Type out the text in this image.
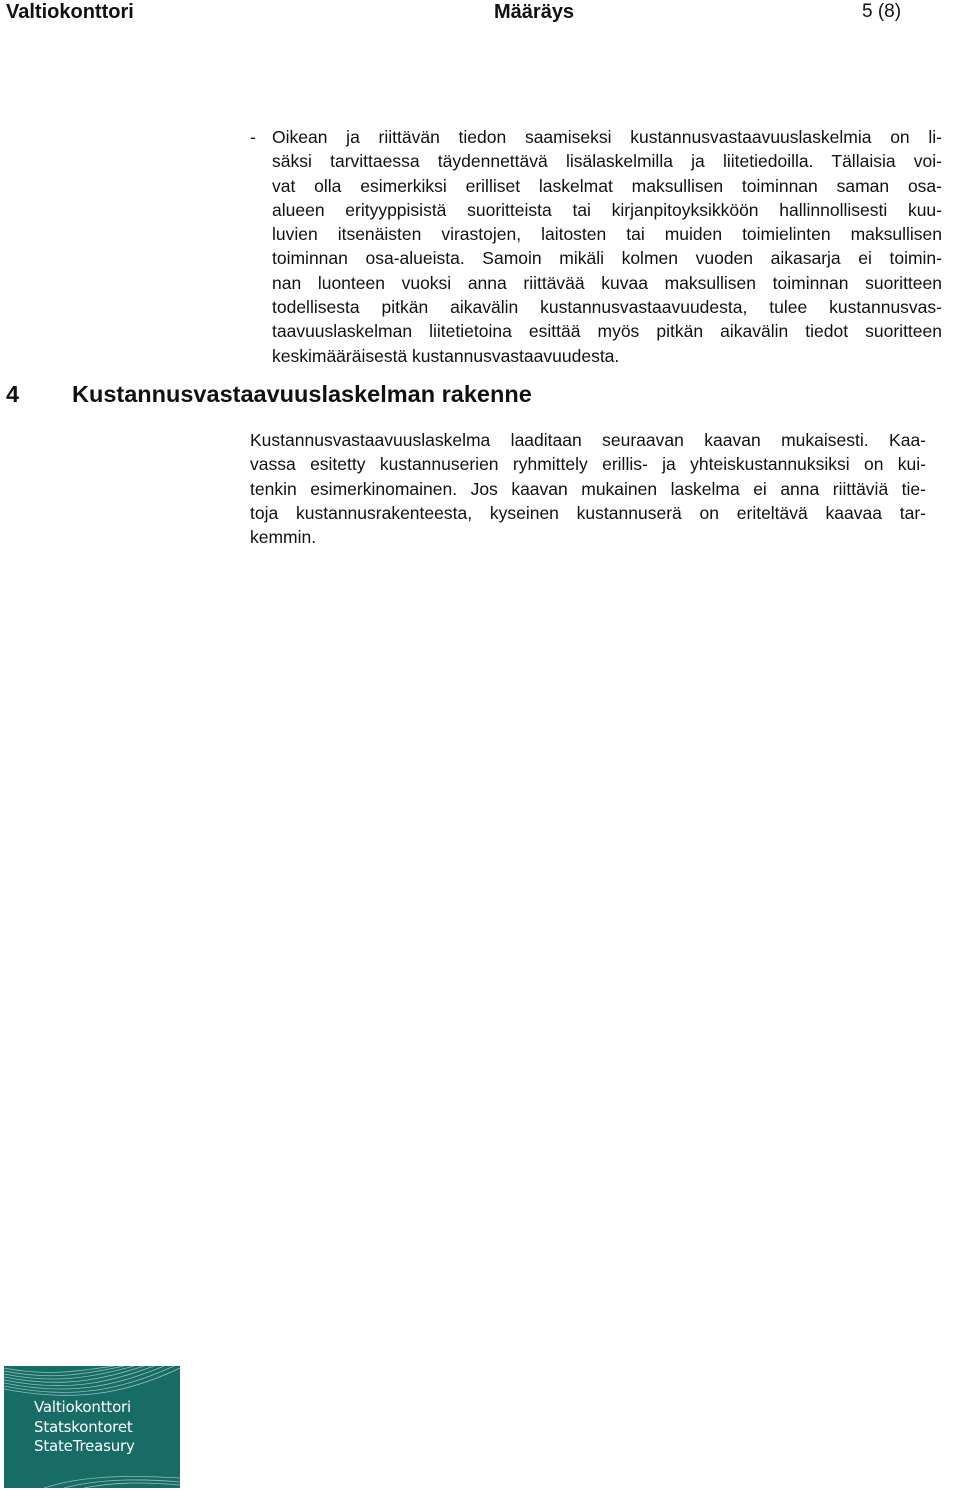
Valtiokonttori	Määräys	5 (8)
- Oikean ja riittävän tiedon saamiseksi kustannusvastaavuuslaskelmia on li-
säksi tarvittaessa täydennettävä lisälaskelmilla ja liitetiedoilla. Tällaisia voi-
vat olla esimerkiksi erilliset laskelmat maksullisen toiminnan saman osa-
alueen erityyppisistä suoritteista tai kirjanpitoyksikköön hallinnollisesti kuu-
luvien itsenäisten virastojen, laitosten tai muiden toimielinten maksullisen
toiminnan osa-alueista. Samoin mikäli kolmen vuoden aikasarja ei toimin-
nan luonteen vuoksi anna riittävää kuvaa maksullisen toiminnan suoritteen
todellisesta pitkän aikavälin kustannusvastaavuudesta, tulee kustannusvas-
taavuuslaskelman liitetietoina esittää myös pitkän aikavälin tiedot suoritteen
keskimääräisestä kustannusvastaavuudesta.
4 Kustannusvastaavuuslaskelman rakenne
Kustannusvastaavuuslaskelma laaditaan seuraavan kaavan mukaisesti. Kaa-
vassa esitetty kustannuserien ryhmittely erillis- ja yhteiskustannuksiksi on kui-
tenkin esimerkinomainen. Jos kaavan mukainen laskelma ei anna riittäviä tie-
toja kustannusrakenteesta, kyseinen kustannuserä on eriteltävä kaavaa tar-
kemmin.
Valtiokonttori
Statskontoret
StateTreasury
